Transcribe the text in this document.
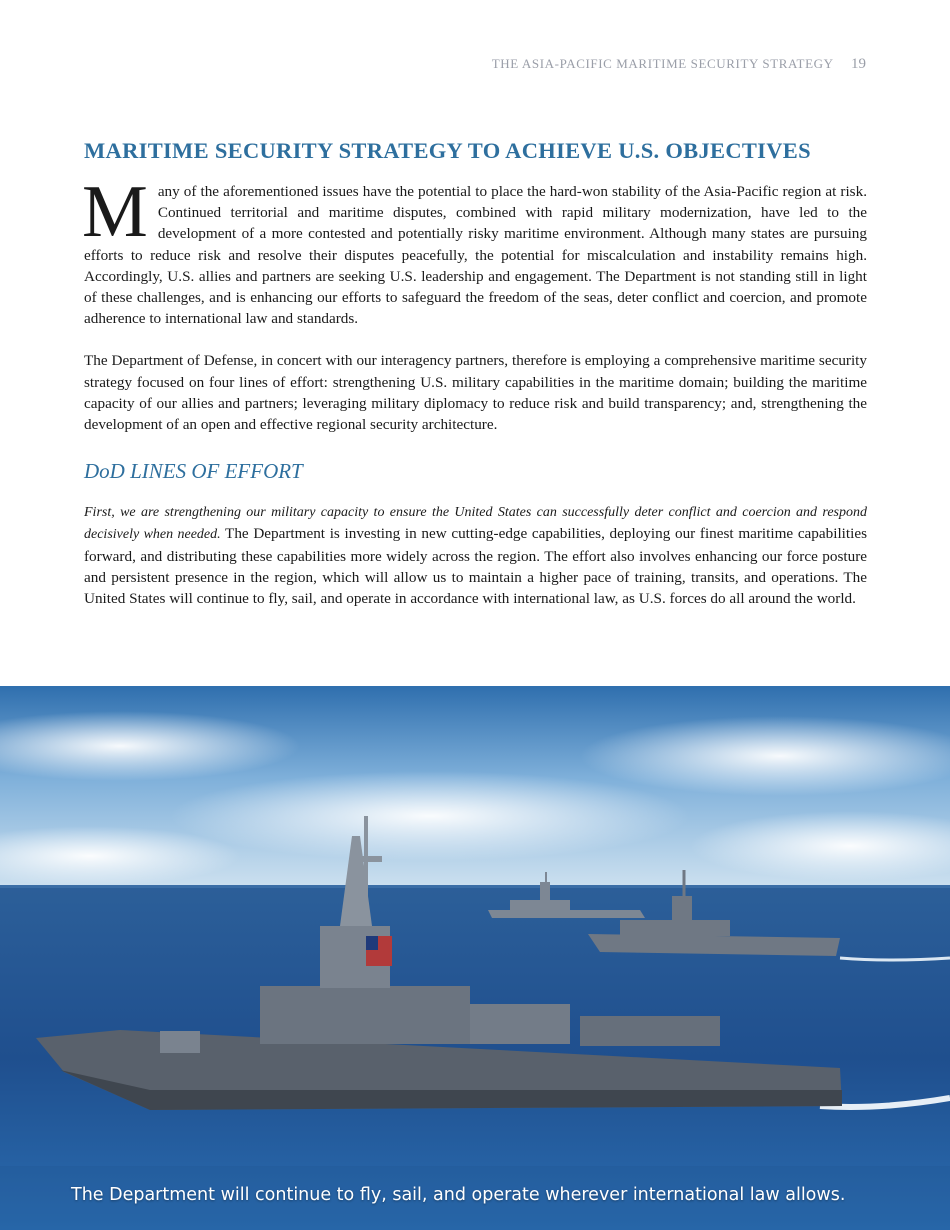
THE ASIA-PACIFIC MARITIME SECURITY STRATEGY 19
MARITIME SECURITY STRATEGY TO ACHIEVE U.S. OBJECTIVES

Many of the aforementioned issues have the potential to place the hard-won stability of the Asia-Pacific region at risk. Continued territorial and maritime disputes, combined with rapid military modernization, have led to the development of a more contested and potentially risky maritime environment. Although many states are pursuing efforts to reduce risk and resolve their disputes peacefully, the potential for miscalculation and instability remains high. Accordingly, U.S. allies and partners are seeking U.S. leadership and engagement. The Department is not standing still in light of these challenges, and is enhancing our efforts to safeguard the freedom of the seas, deter conflict and coercion, and promote adherence to international law and standards.

The Department of Defense, in concert with our interagency partners, therefore is employing a comprehensive maritime security strategy focused on four lines of effort: strengthening U.S. military capabilities in the maritime domain; building the maritime capacity of our allies and partners; leveraging military diplomacy to reduce risk and build transparency; and, strengthening the development of an open and effective regional security architecture.

DoD LINES OF EFFORT

First, we are strengthening our military capacity to ensure the United States can successfully deter conflict and coercion and respond decisively when needed. The Department is investing in new cutting-edge capabilities, deploying our finest maritime capabilities forward, and distributing these capabilities more widely across the region. The effort also involves enhancing our force posture and persistent presence in the region, which will allow us to maintain a higher pace of training, transits, and operations. The United States will continue to fly, sail, and operate in accordance with international law, as U.S. forces do all around the world.

The Department will continue to fly, sail, and operate wherever international law allows.
